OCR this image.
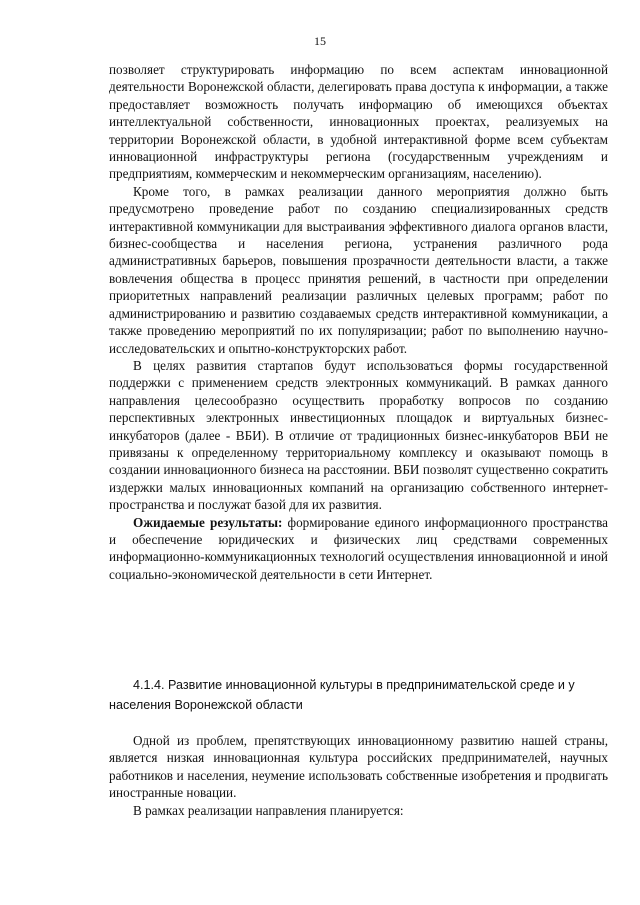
15

позволяет структурировать информацию по всем аспектам инновационной деятельности Воронежской области, делегировать права доступа к информации, а также предоставляет возможность получать информацию об имеющихся объектах интеллектуальной собственности, инновационных проектах, реализуемых на территории Воронежской области, в удобной интерактивной форме всем субъектам инновационной инфраструктуры региона (государственным учреждениям и предприятиям, коммерческим и некоммерческим организациям, населению).

Кроме того, в рамках реализации данного мероприятия должно быть предусмотрено проведение работ по созданию специализированных средств интерактивной коммуникации для выстраивания эффективного диалога органов власти, бизнес-сообщества и населения региона, устранения различного рода административных барьеров, повышения прозрачности деятельности власти, а также вовлечения общества в процесс принятия решений, в частности при определении приоритетных направлений реализации различных целевых программ; работ по администрированию и развитию создаваемых средств интерактивной коммуникации, а также проведению мероприятий по их популяризации; работ по выполнению научно-исследовательских и опытно-конструкторских работ.

В целях развития стартапов будут использоваться формы государственной поддержки с применением средств электронных коммуникаций. В рамках данного направления целесообразно осуществить проработку вопросов по созданию перспективных электронных инвестиционных площадок и виртуальных бизнес-инкубаторов (далее - ВБИ). В отличие от традиционных бизнес-инкубаторов ВБИ не привязаны к определенному территориальному комплексу и оказывают помощь в создании инновационного бизнеса на расстоянии. ВБИ позволят существенно сократить издержки малых инновационных компаний на организацию собственного интернет-пространства и послужат базой для их развития.

Ожидаемые результаты: формирование единого информационного пространства и обеспечение юридических и физических лиц средствами современных информационно-коммуникационных технологий осуществления инновационной и иной социально-экономической деятельности в сети Интернет.

4.1.4. Развитие инновационной культуры в предпринимательской среде и у населения Воронежской области

Одной из проблем, препятствующих инновационному развитию нашей страны, является низкая инновационная культура российских предпринимателей, научных работников и населения, неумение использовать собственные изобретения и продвигать иностранные новации.

В рамках реализации направления планируется:
